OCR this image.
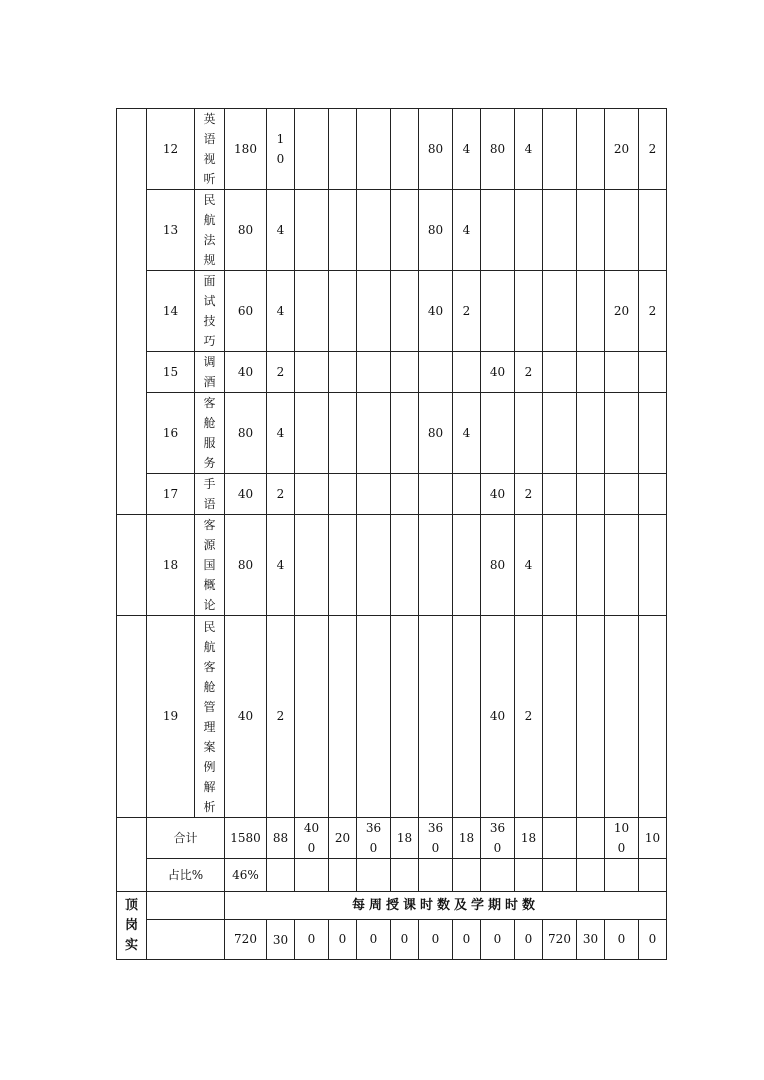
	12	英语视听	180	10					80	4	80	4			20	2
	13	民航法规	80	4					80	4						
	14	面试技巧	60	4					40	2					20	2
	15	调酒	40	2							40	2				
	16	客舱服务	80	4					80	4						
	17	手语	40	2							40	2				
	18	客源国概论	80	4							80	4				
	19	民航客舱管理案例解析	40	2							40	2				
	合计		1580	88	400	20	360	18	360	18	360	18			100	10
	占比%		46%													
顶岗实			每周授课时数及学期时数													
			720	30	0	0	0	0	0	0	0	0	720	30	0	0
